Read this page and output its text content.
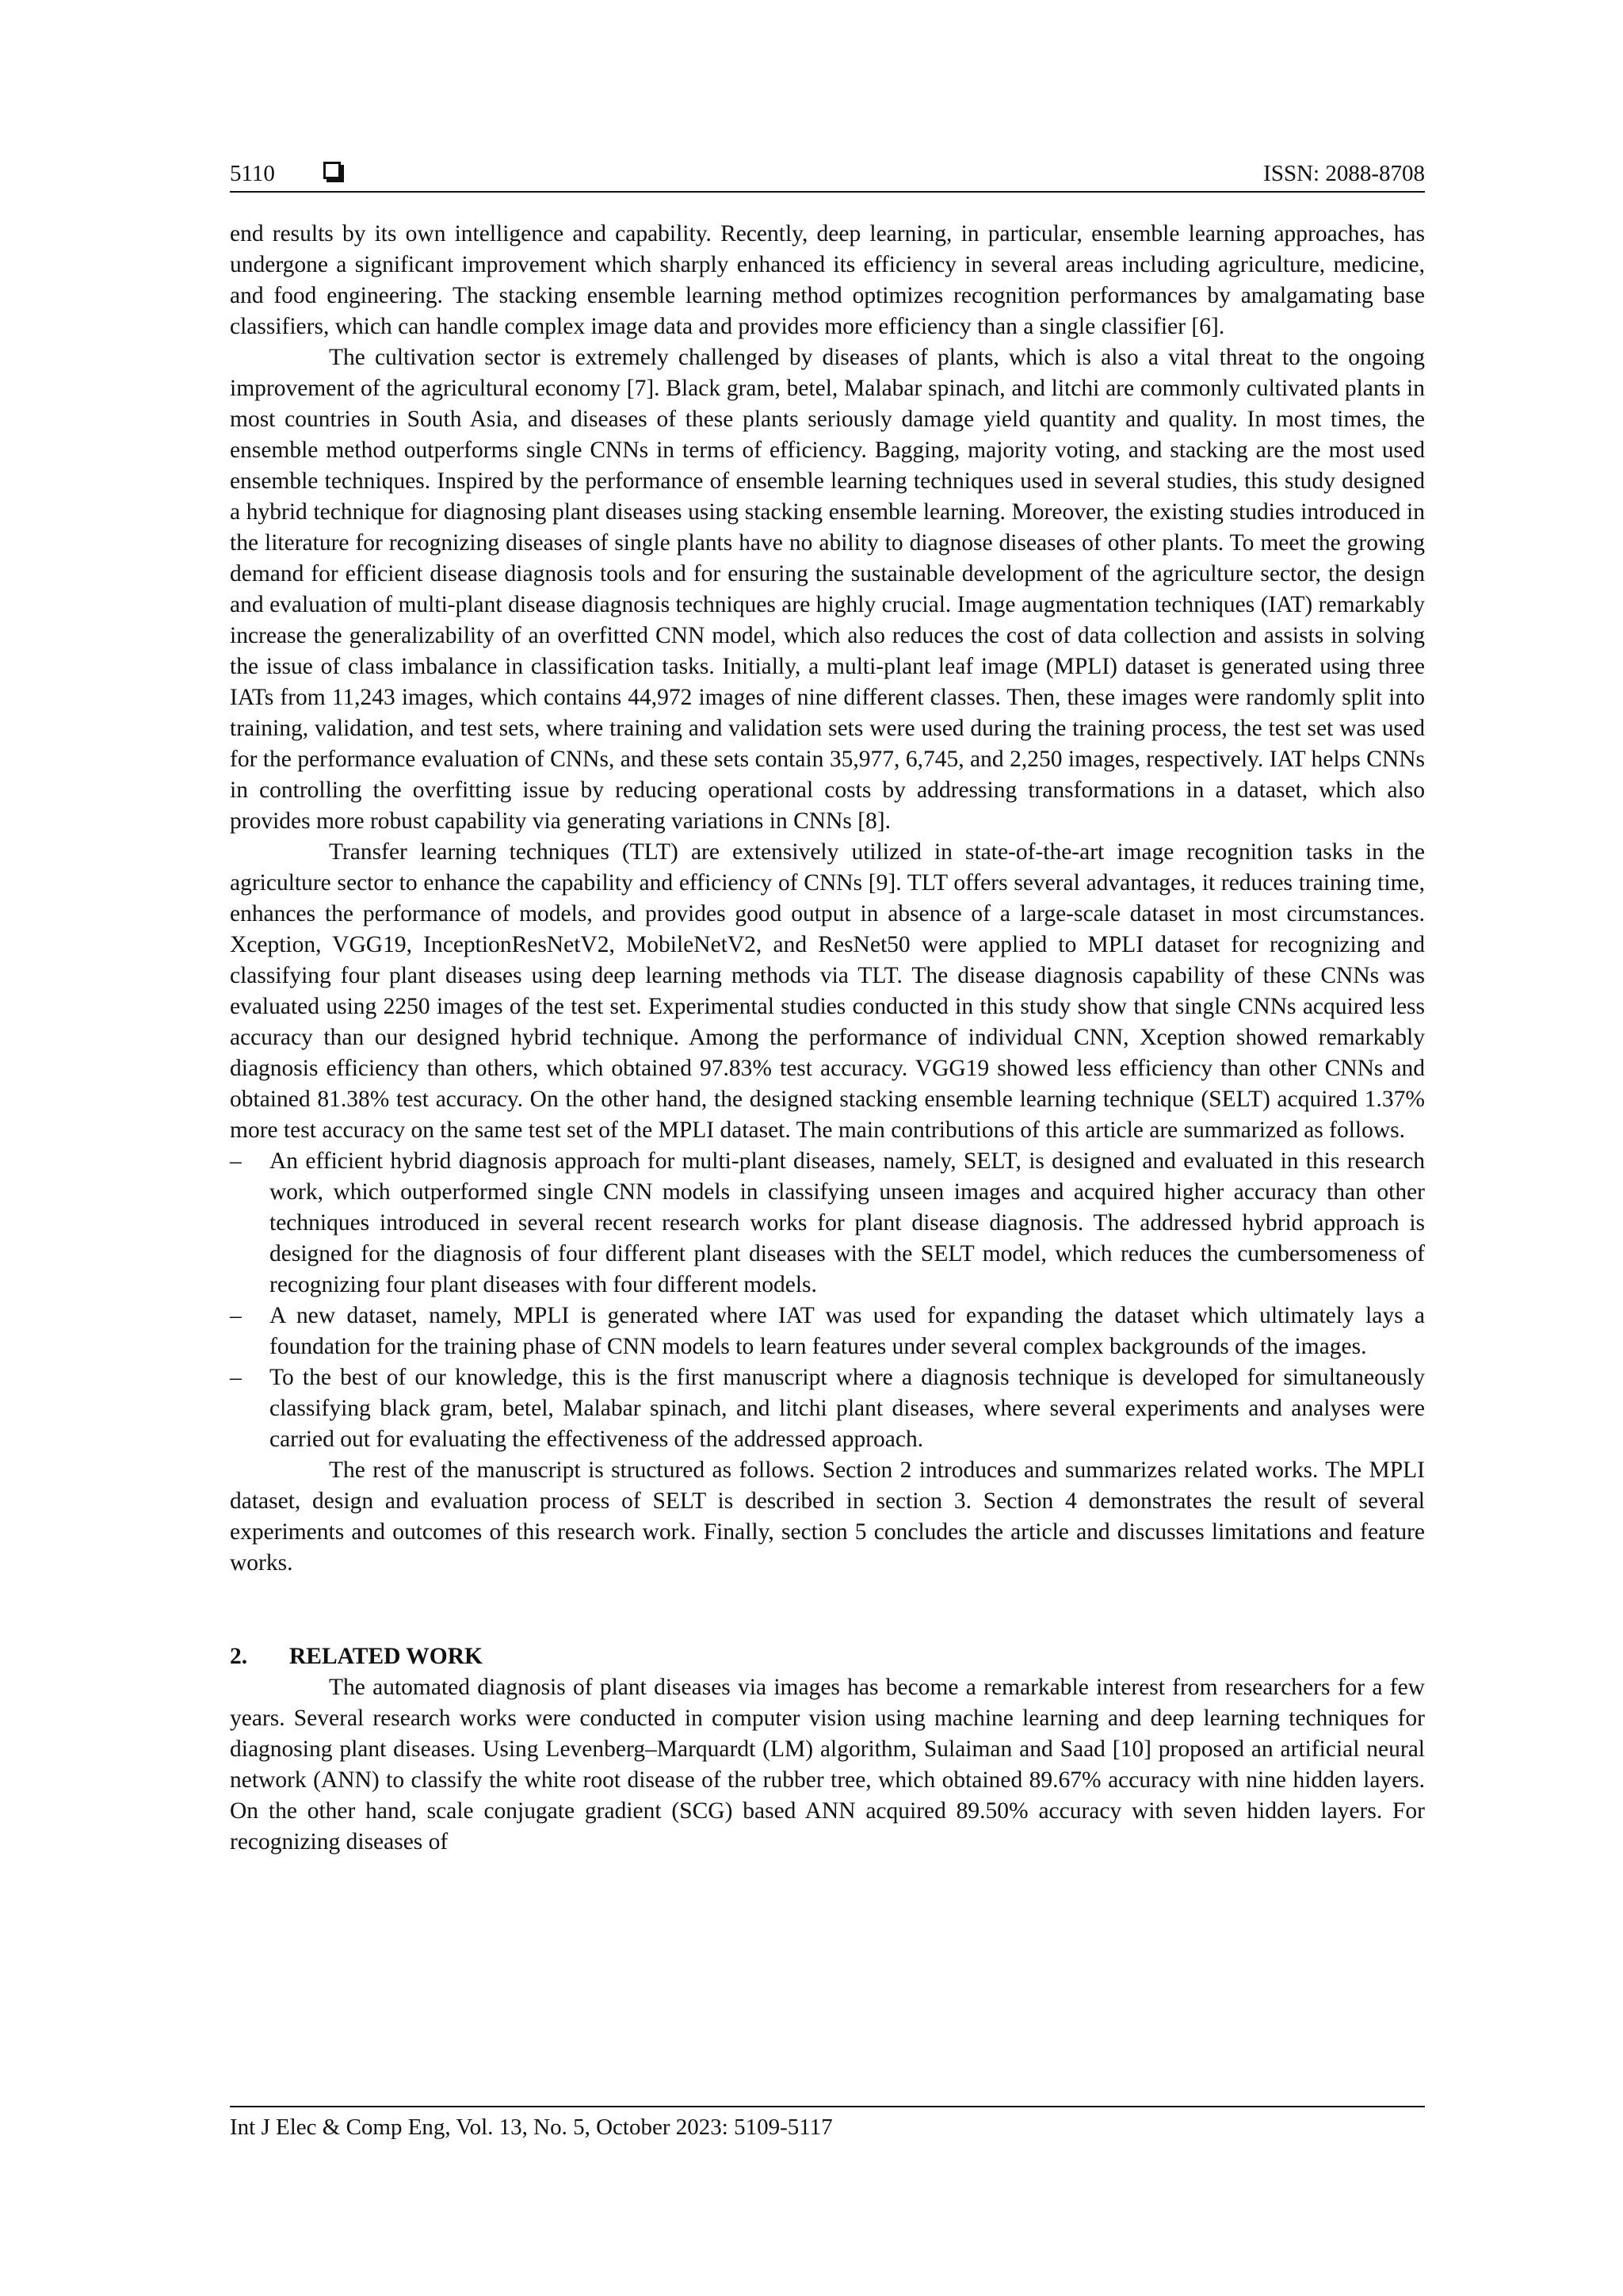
5110	ISSN: 2088-8708

end results by its own intelligence and capability. Recently, deep learning, in particular, ensemble learning approaches, has undergone a significant improvement which sharply enhanced its efficiency in several areas including agriculture, medicine, and food engineering. The stacking ensemble learning method optimizes recognition performances by amalgamating base classifiers, which can handle complex image data and provides more efficiency than a single classifier [6].

The cultivation sector is extremely challenged by diseases of plants, which is also a vital threat to the ongoing improvement of the agricultural economy [7]. Black gram, betel, Malabar spinach, and litchi are commonly cultivated plants in most countries in South Asia, and diseases of these plants seriously damage yield quantity and quality. In most times, the ensemble method outperforms single CNNs in terms of efficiency. Bagging, majority voting, and stacking are the most used ensemble techniques. Inspired by the performance of ensemble learning techniques used in several studies, this study designed a hybrid technique for diagnosing plant diseases using stacking ensemble learning. Moreover, the existing studies introduced in the literature for recognizing diseases of single plants have no ability to diagnose diseases of other plants. To meet the growing demand for efficient disease diagnosis tools and for ensuring the sustainable development of the agriculture sector, the design and evaluation of multi-plant disease diagnosis techniques are highly crucial. Image augmentation techniques (IAT) remarkably increase the generalizability of an overfitted CNN model, which also reduces the cost of data collection and assists in solving the issue of class imbalance in classification tasks. Initially, a multi-plant leaf image (MPLI) dataset is generated using three IATs from 11,243 images, which contains 44,972 images of nine different classes. Then, these images were randomly split into training, validation, and test sets, where training and validation sets were used during the training process, the test set was used for the performance evaluation of CNNs, and these sets contain 35,977, 6,745, and 2,250 images, respectively. IAT helps CNNs in controlling the overfitting issue by reducing operational costs by addressing transformations in a dataset, which also provides more robust capability via generating variations in CNNs [8].

Transfer learning techniques (TLT) are extensively utilized in state-of-the-art image recognition tasks in the agriculture sector to enhance the capability and efficiency of CNNs [9]. TLT offers several advantages, it reduces training time, enhances the performance of models, and provides good output in absence of a large-scale dataset in most circumstances. Xception, VGG19, InceptionResNetV2, MobileNetV2, and ResNet50 were applied to MPLI dataset for recognizing and classifying four plant diseases using deep learning methods via TLT. The disease diagnosis capability of these CNNs was evaluated using 2250 images of the test set. Experimental studies conducted in this study show that single CNNs acquired less accuracy than our designed hybrid technique. Among the performance of individual CNN, Xception showed remarkably diagnosis efficiency than others, which obtained 97.83% test accuracy. VGG19 showed less efficiency than other CNNs and obtained 81.38% test accuracy. On the other hand, the designed stacking ensemble learning technique (SELT) acquired 1.37% more test accuracy on the same test set of the MPLI dataset. The main contributions of this article are summarized as follows.

– An efficient hybrid diagnosis approach for multi-plant diseases, namely, SELT, is designed and evaluated in this research work, which outperformed single CNN models in classifying unseen images and acquired higher accuracy than other techniques introduced in several recent research works for plant disease diagnosis. The addressed hybrid approach is designed for the diagnosis of four different plant diseases with the SELT model, which reduces the cumbersomeness of recognizing four plant diseases with four different models.
– A new dataset, namely, MPLI is generated where IAT was used for expanding the dataset which ultimately lays a foundation for the training phase of CNN models to learn features under several complex backgrounds of the images.
– To the best of our knowledge, this is the first manuscript where a diagnosis technique is developed for simultaneously classifying black gram, betel, Malabar spinach, and litchi plant diseases, where several experiments and analyses were carried out for evaluating the effectiveness of the addressed approach.

The rest of the manuscript is structured as follows. Section 2 introduces and summarizes related works. The MPLI dataset, design and evaluation process of SELT is described in section 3. Section 4 demonstrates the result of several experiments and outcomes of this research work. Finally, section 5 concludes the article and discusses limitations and feature works.

2. RELATED WORK

The automated diagnosis of plant diseases via images has become a remarkable interest from researchers for a few years. Several research works were conducted in computer vision using machine learning and deep learning techniques for diagnosing plant diseases. Using Levenberg–Marquardt (LM) algorithm, Sulaiman and Saad [10] proposed an artificial neural network (ANN) to classify the white root disease of the rubber tree, which obtained 89.67% accuracy with nine hidden layers. On the other hand, scale conjugate gradient (SCG) based ANN acquired 89.50% accuracy with seven hidden layers. For recognizing diseases of

Int J Elec & Comp Eng, Vol. 13, No. 5, October 2023: 5109-5117
